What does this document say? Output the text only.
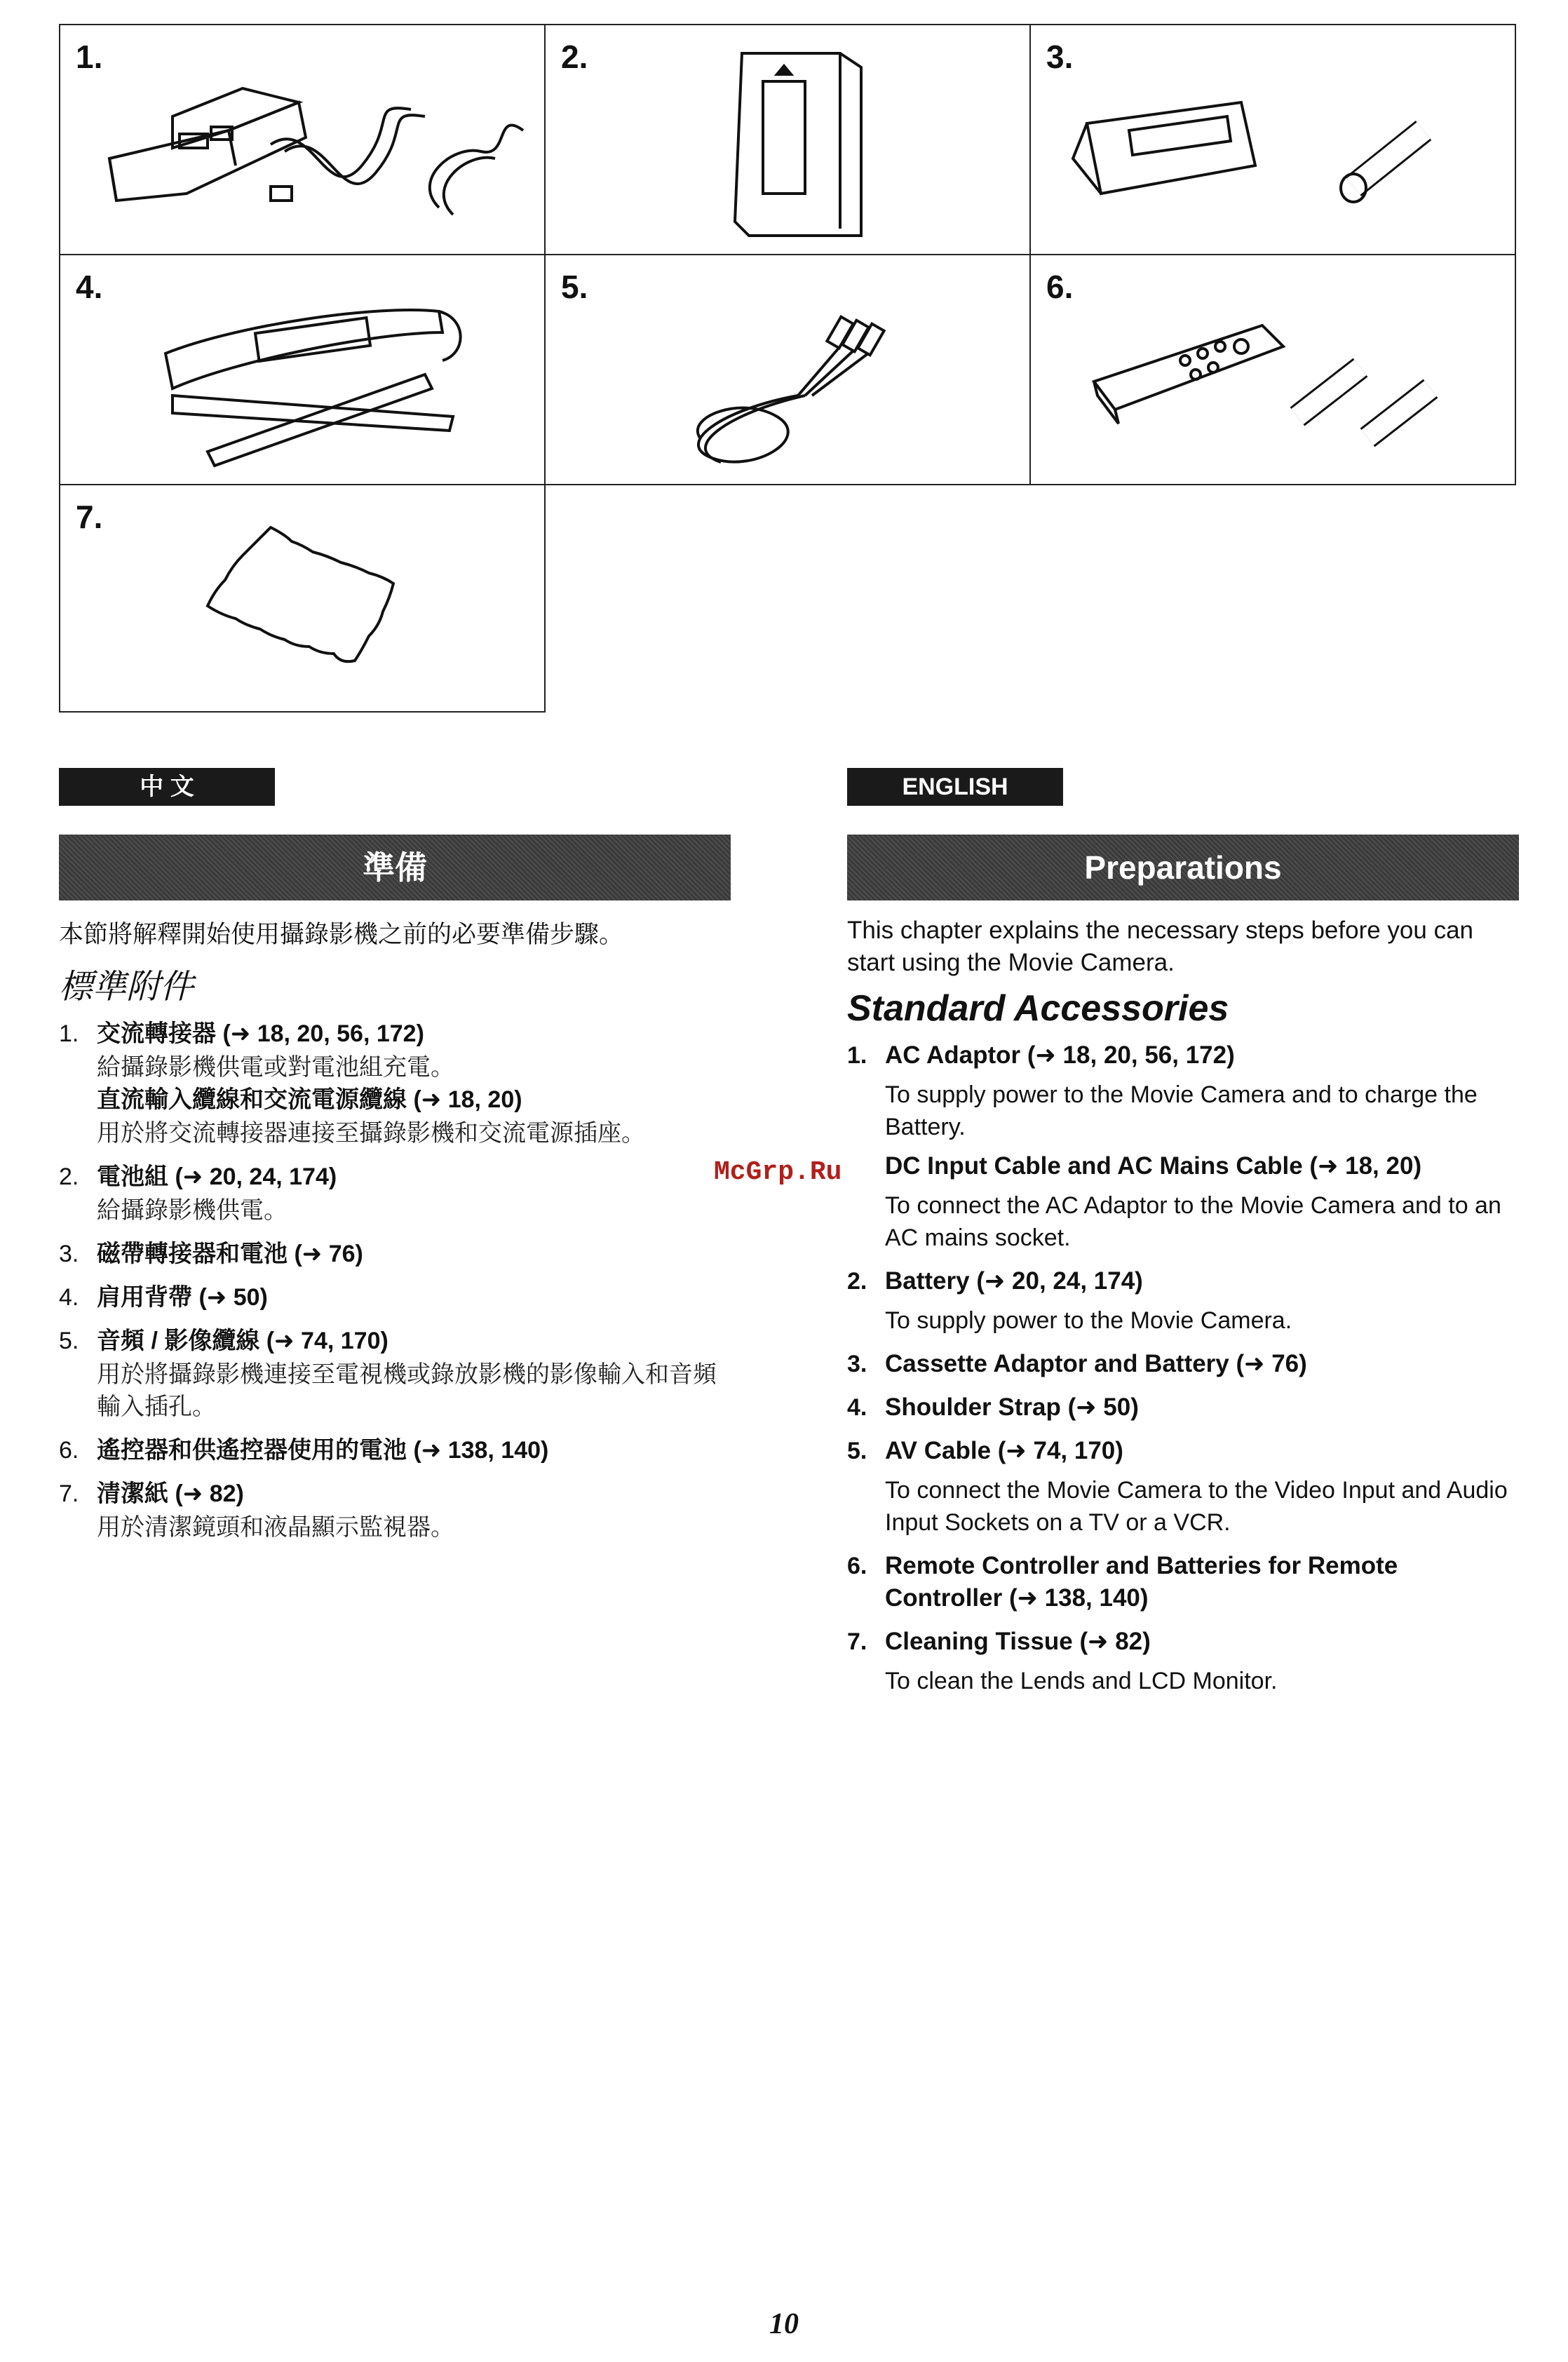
1.	2.	3.
4.	5.	6.
7.
中 文
準備

本節將解釋開始使用攝錄影機之前的必要準備步驟。

標準附件
1. 交流轉接器 (➜ 18, 20, 56, 172)
給攝錄影機供電或對電池組充電。
直流輸入纜線和交流電源纜線 (➜ 18, 20)
用於將交流轉接器連接至攝錄影機和交流電源插座。
2. 電池組 (➜ 20, 24, 174)
給攝錄影機供電。
3. 磁帶轉接器和電池 (➜ 76)
4. 肩用背帶 (➜ 50)
5. 音頻 / 影像纜線 (➜ 74, 170)
用於將攝錄影機連接至電視機或錄放影機的影像輸入和音頻輸入插孔。
6. 遙控器和供遙控器使用的電池 (➜ 138, 140)
7. 清潔紙 (➜ 82)
用於清潔鏡頭和液晶顯示監視器。
McGrp.Ru
ENGLISH
Preparations

This chapter explains the necessary steps before you can start using the Movie Camera.

Standard Accessories
1. AC Adaptor (➜ 18, 20, 56, 172)
To supply power to the Movie Camera and to charge the Battery.
DC Input Cable and AC Mains Cable (➜ 18, 20)
To connect the AC Adaptor to the Movie Camera and to an AC mains socket.
2. Battery (➜ 20, 24, 174)
To supply power to the Movie Camera.
3. Cassette Adaptor and Battery (➜ 76)
4. Shoulder Strap (➜ 50)
5. AV Cable (➜ 74, 170)
To connect the Movie Camera to the Video Input and Audio Input Sockets on a TV or a VCR.
6. Remote Controller and Batteries for Remote Controller (➜ 138, 140)
7. Cleaning Tissue (➜ 82)
To clean the Lends and LCD Monitor.
10
